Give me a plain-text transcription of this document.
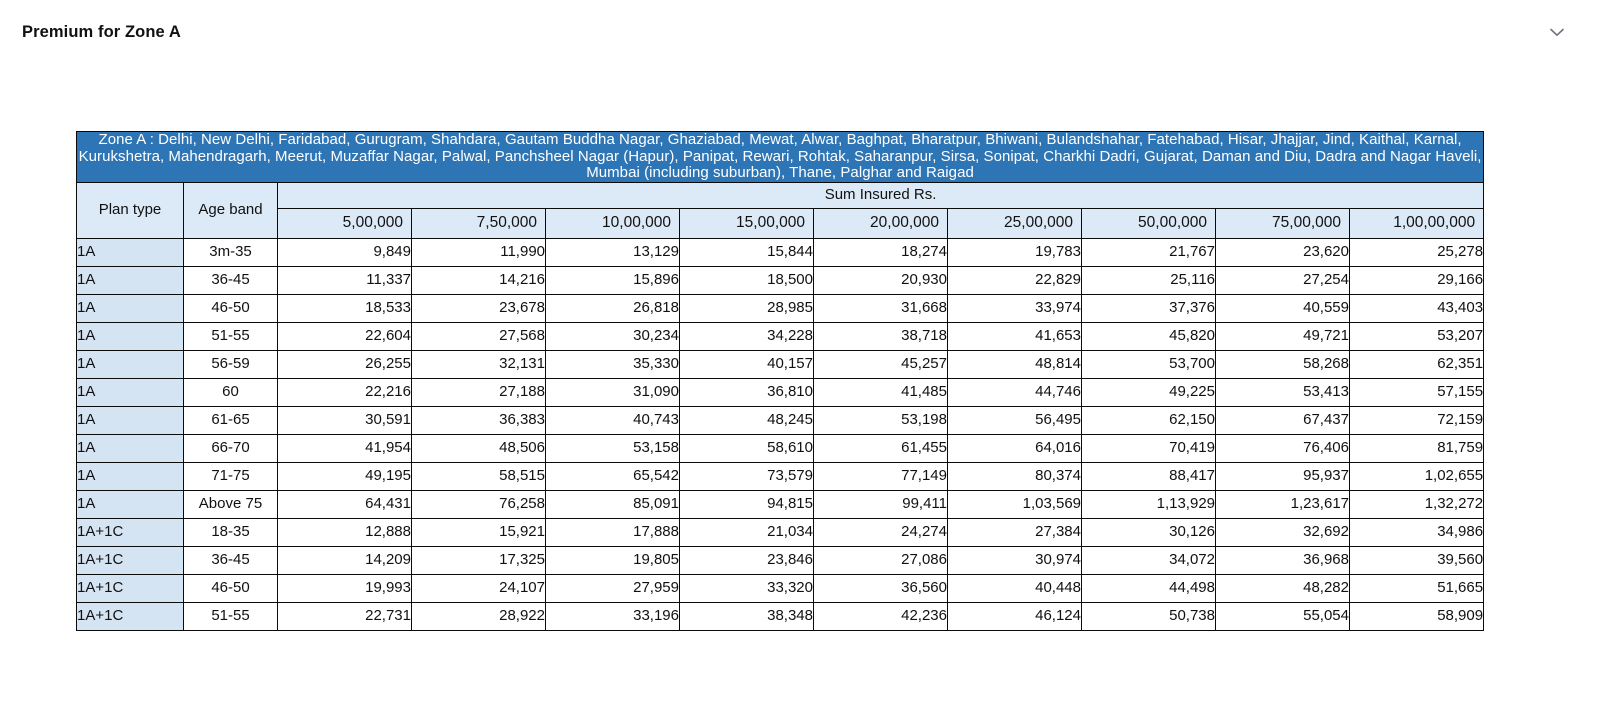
Premium for Zone A
Zone A : Delhi, New Delhi, Faridabad, Gurugram, Shahdara, Gautam Buddha Nagar, Ghaziabad, Mewat, Alwar, Baghpat, Bharatpur, Bhiwani, Bulandshahar, Fatehabad, Hisar, Jhajjar, Jind, Kaithal, Karnal, Kurukshetra, Mahendragarh, Meerut, Muzaffar Nagar, Palwal, Panchsheel Nagar (Hapur), Panipat, Rewari, Rohtak, Saharanpur, Sirsa, Sonipat, Charkhi Dadri, Gujarat, Daman and Diu, Dadra and Nagar Haveli, Mumbai (including suburban), Thane, Palghar and Raigad										
Plan type	Age band	Sum Insured Rs.								
		5,00,000	7,50,000	10,00,000	15,00,000	20,00,000	25,00,000	50,00,000	75,00,000	1,00,00,000
1A	3m-35	9,849	11,990	13,129	15,844	18,274	19,783	21,767	23,620	25,278
1A	36-45	11,337	14,216	15,896	18,500	20,930	22,829	25,116	27,254	29,166
1A	46-50	18,533	23,678	26,818	28,985	31,668	33,974	37,376	40,559	43,403
1A	51-55	22,604	27,568	30,234	34,228	38,718	41,653	45,820	49,721	53,207
1A	56-59	26,255	32,131	35,330	40,157	45,257	48,814	53,700	58,268	62,351
1A	60	22,216	27,188	31,090	36,810	41,485	44,746	49,225	53,413	57,155
1A	61-65	30,591	36,383	40,743	48,245	53,198	56,495	62,150	67,437	72,159
1A	66-70	41,954	48,506	53,158	58,610	61,455	64,016	70,419	76,406	81,759
1A	71-75	49,195	58,515	65,542	73,579	77,149	80,374	88,417	95,937	1,02,655
1A	Above 75	64,431	76,258	85,091	94,815	99,411	1,03,569	1,13,929	1,23,617	1,32,272
1A+1C	18-35	12,888	15,921	17,888	21,034	24,274	27,384	30,126	32,692	34,986
1A+1C	36-45	14,209	17,325	19,805	23,846	27,086	30,974	34,072	36,968	39,560
1A+1C	46-50	19,993	24,107	27,959	33,320	36,560	40,448	44,498	48,282	51,665
1A+1C	51-55	22,731	28,922	33,196	38,348	42,236	46,124	50,738	55,054	58,909
